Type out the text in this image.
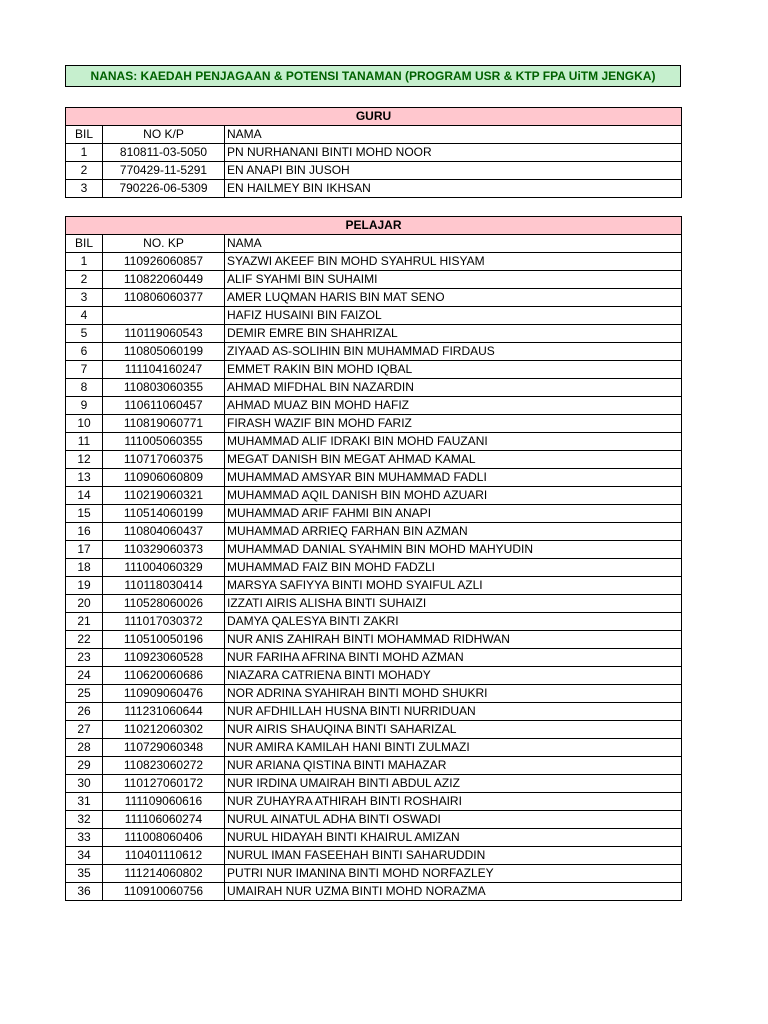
NANAS: KAEDAH PENJAGAAN & POTENSI TANAMAN (PROGRAM USR & KTP FPA UiTM JENGKA)
GURU		
BIL	NO K/P	NAMA
1	810811-03-5050	PN NURHANANI BINTI MOHD NOOR
2	770429-11-5291	EN ANAPI BIN JUSOH
3	790226-06-5309	EN HAILMEY BIN IKHSAN
PELAJAR		
BIL	NO. KP	NAMA
1	110926060857	SYAZWI AKEEF BIN MOHD SYAHRUL HISYAM
2	110822060449	ALIF SYAHMI BIN SUHAIMI
3	110806060377	AMER LUQMAN HARIS BIN MAT SENO
4		HAFIZ HUSAINI BIN FAIZOL
5	110119060543	DEMIR EMRE BIN SHAHRIZAL
6	110805060199	ZIYAAD AS-SOLIHIN BIN MUHAMMAD FIRDAUS
7	111104160247	EMMET RAKIN BIN MOHD IQBAL
8	110803060355	AHMAD MIFDHAL BIN NAZARDIN
9	110611060457	AHMAD MUAZ BIN MOHD HAFIZ
10	110819060771	FIRASH WAZIF BIN MOHD FARIZ
11	111005060355	MUHAMMAD ALIF IDRAKI BIN MOHD FAUZANI
12	110717060375	MEGAT DANISH BIN MEGAT AHMAD KAMAL
13	110906060809	MUHAMMAD AMSYAR BIN MUHAMMAD FADLI
14	110219060321	MUHAMMAD AQIL DANISH BIN MOHD AZUARI
15	110514060199	MUHAMMAD ARIF FAHMI BIN ANAPI
16	110804060437	MUHAMMAD ARRIEQ FARHAN BIN AZMAN
17	110329060373	MUHAMMAD DANIAL SYAHMIN BIN MOHD MAHYUDIN
18	111004060329	MUHAMMAD FAIZ BIN MOHD FADZLI
19	110118030414	MARSYA SAFIYYA BINTI MOHD SYAIFUL AZLI
20	110528060026	IZZATI AIRIS ALISHA BINTI SUHAIZI
21	111017030372	DAMYA QALESYA BINTI ZAKRI
22	110510050196	NUR ANIS ZAHIRAH BINTI MOHAMMAD RIDHWAN
23	110923060528	NUR FARIHA AFRINA BINTI MOHD AZMAN
24	110620060686	NIAZARA CATRIENA BINTI MOHADY
25	110909060476	NOR ADRINA SYAHIRAH BINTI MOHD SHUKRI
26	111231060644	NUR AFDHILLAH HUSNA BINTI NURRIDUAN
27	110212060302	NUR AIRIS SHAUQINA BINTI SAHARIZAL
28	110729060348	NUR AMIRA KAMILAH HANI BINTI ZULMAZI
29	110823060272	NUR ARIANA QISTINA BINTI MAHAZAR
30	110127060172	NUR IRDINA UMAIRAH BINTI ABDUL AZIZ
31	111109060616	NUR ZUHAYRA ATHIRAH BINTI ROSHAIRI
32	111106060274	NURUL AINATUL ADHA BINTI OSWADI
33	111008060406	NURUL HIDAYAH BINTI KHAIRUL AMIZAN
34	110401110612	NURUL IMAN FASEEHAH BINTI SAHARUDDIN
35	111214060802	PUTRI NUR IMANINA BINTI MOHD NORFAZLEY
36	110910060756	UMAIRAH NUR UZMA BINTI MOHD NORAZMA
